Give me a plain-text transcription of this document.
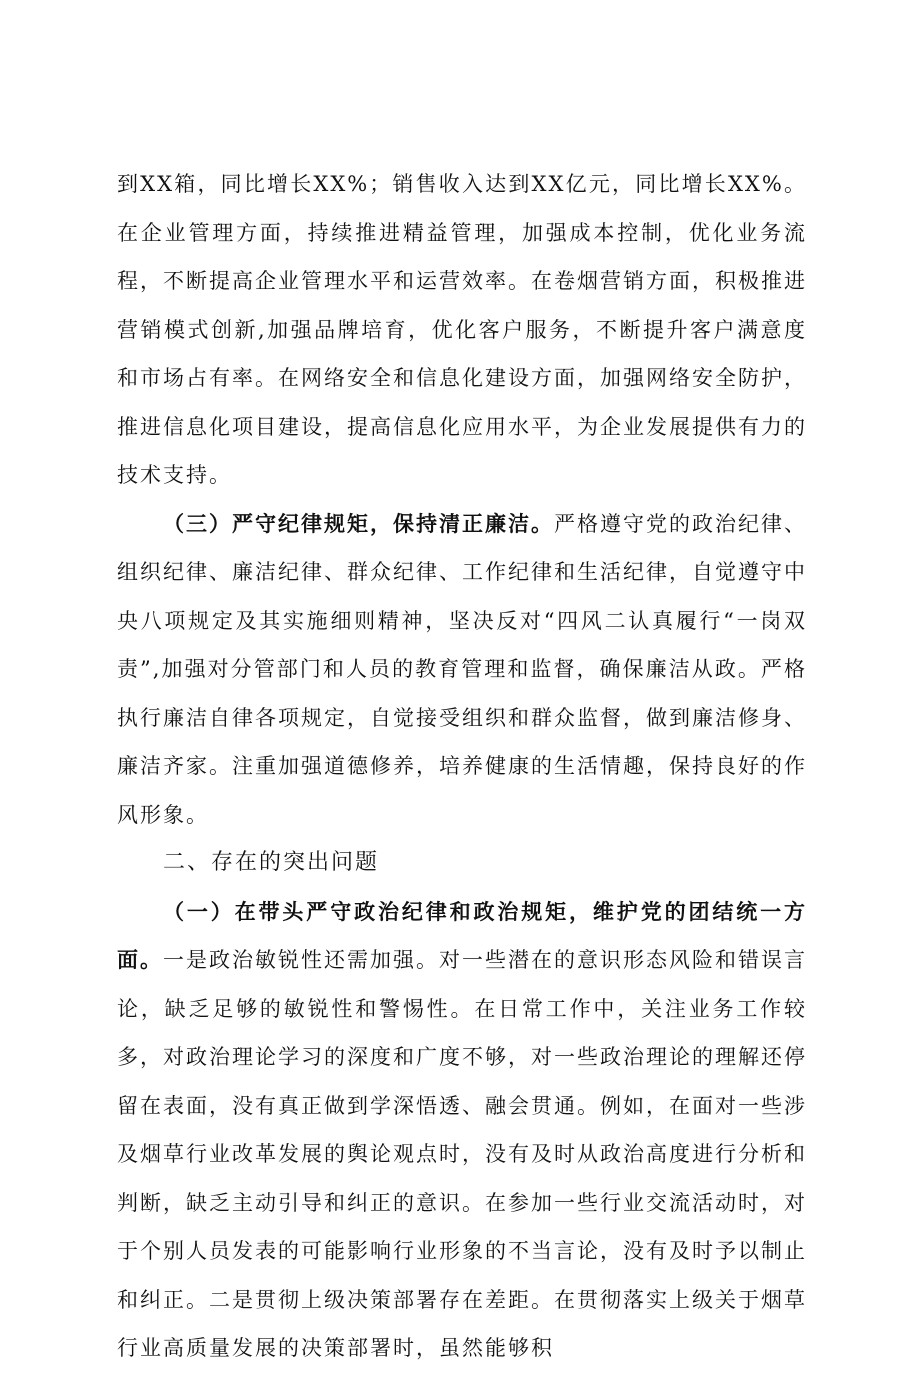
到XX箱，同比增长XX%；销售收入达到XX亿元，同比增长XX%。在企业管理方面，持续推进精益管理，加强成本控制，优化业务流程，不断提高企业管理水平和运营效率。在卷烟营销方面，积极推进营销模式创新,加强品牌培育，优化客户服务，不断提升客户满意度和市场占有率。在网络安全和信息化建设方面，加强网络安全防护，推进信息化项目建设，提高信息化应用水平，为企业发展提供有力的技术支持。

（三）严守纪律规矩，保持清正廉洁。严格遵守党的政治纪律、组织纪律、廉洁纪律、群众纪律、工作纪律和生活纪律，自觉遵守中央八项规定及其实施细则精神，坚决反对“四风二认真履行“一岗双责”,加强对分管部门和人员的教育管理和监督，确保廉洁从政。严格执行廉洁自律各项规定，自觉接受组织和群众监督，做到廉洁修身、廉洁齐家。注重加强道德修养，培养健康的生活情趣，保持良好的作风形象。

二、存在的突出问题

（一）在带头严守政治纪律和政治规矩，维护党的团结统一方面。一是政治敏锐性还需加强。对一些潜在的意识形态风险和错误言论，缺乏足够的敏锐性和警惕性。在日常工作中，关注业务工作较多，对政治理论学习的深度和广度不够，对一些政治理论的理解还停留在表面，没有真正做到学深悟透、融会贯通。例如，在面对一些涉及烟草行业改革发展的舆论观点时，没有及时从政治高度进行分析和判断，缺乏主动引导和纠正的意识。在参加一些行业交流活动时，对于个别人员发表的可能影响行业形象的不当言论，没有及时予以制止和纠正。二是贯彻上级决策部署存在差距。在贯彻落实上级关于烟草行业高质量发展的决策部署时，虽然能够积
